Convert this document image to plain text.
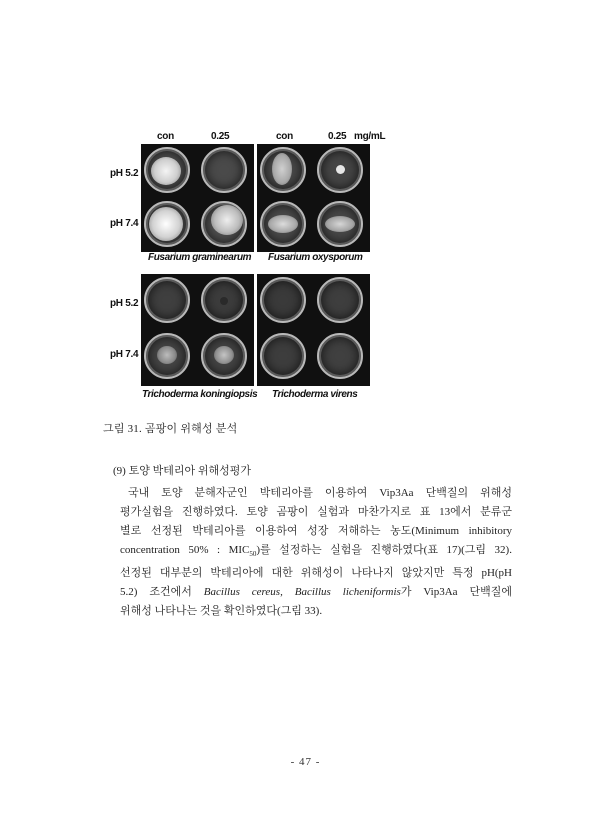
con	0.25	con	0.25 mg/mL
pH 5.2
pH 7.4
pH 5.2
pH 7.4
Fusarium graminearum Fusarium oxysporum
Trichoderma koningiopsis Trichoderma virens
그림 31. 곰팡이 위해성 분석
(9) 토양 박테리아 위해성평가
국내 토양 분해자군인 박테리아를 이용하여 Vip3Aa 단백질의 위해성
평가실험을 진행하였다. 토양 곰팡이 실험과 마찬가지로 표 13에서 분류군
별로 선정된 박테리아를 이용하여 성장 저해하는 농도(Minimum inhibitory
concentration 50% : $MIC_{50}$)를 설정하는 실험을 진행하였다(표 17)(그림 32).
선정된 대부분의 박테리아에 대한 위해성이 나타나지 않았지만 특정 pH(pH
5.2) 조건에서 Bacillus cereus, Bacillus licheniformis가 Vip3Aa 단백질에
위해성 나타나는 것을 확인하였다(그림 33).
- 47 -
